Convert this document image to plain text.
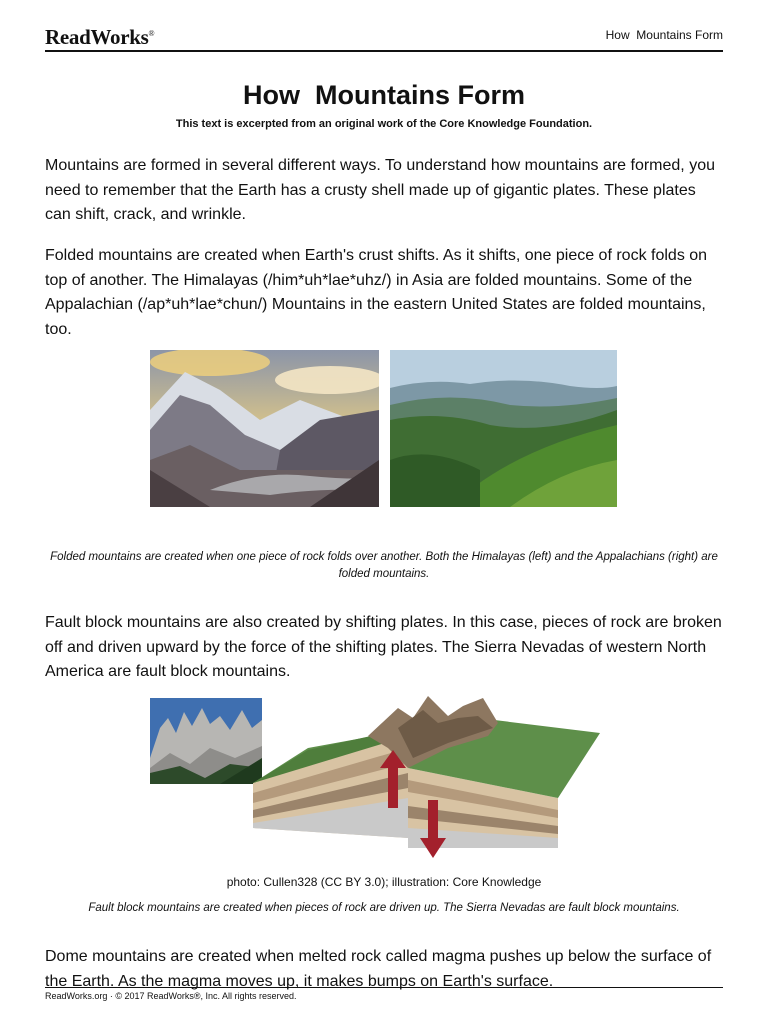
ReadWorks®	How  Mountains Form
How  Mountains Form
This text is excerpted from an original work of the Core Knowledge Foundation.

Mountains are formed in several different ways. To understand how mountains are formed, you need to remember that the Earth has a crusty shell made up of gigantic plates. These plates can shift, crack, and wrinkle.

Folded mountains are created when Earth's crust shifts. As it shifts, one piece of rock folds on top of another. The Himalayas (/him*uh*lae*uhz/) in Asia are folded mountains. Some of the Appalachian (/ap*uh*lae*chun/) Mountains in the eastern United States are folded mountains, too.

Folded mountains are created when one piece of rock folds over another. Both the Himalayas (left) and the Appalachians (right) are folded mountains.

Fault block mountains are also created by shifting plates. In this case, pieces of rock are broken off and driven upward by the force of the shifting plates. The Sierra Nevadas of western North America are fault block mountains.

photo: Cullen328 (CC BY 3.0); illustration: Core Knowledge

Fault block mountains are created when pieces of rock are driven up. The Sierra Nevadas are fault block mountains.

Dome mountains are created when melted rock called magma pushes up below the surface of the Earth. As the magma moves up, it makes bumps on Earth's surface.

ReadWorks.org · © 2017 ReadWorks®, Inc. All rights reserved.
